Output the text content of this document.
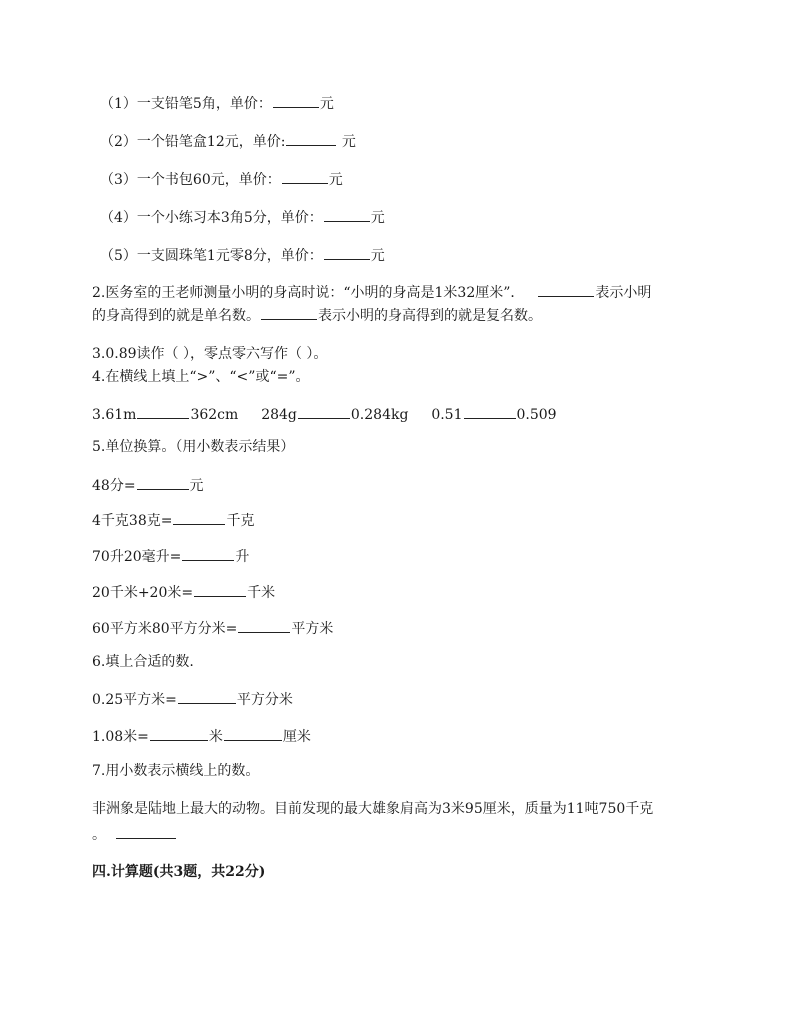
（1）一支铅笔5角，单价：	元
（2）一个铅笔盒12元，单价:	元
（3）一个书包60元，单价：	元
（4）一个小练习本3角5分，单价：	元
（5）一支圆珠笔1元零8分，单价：	元
2.医务室的王老师测量小明的身高时说：“小明的身高是1米32厘米”．	表示小明
的身高得到的就是单名数。	表示小明的身高得到的就是复名数。
3.0.89读作（ ），零点零六写作（ ）。
4.在横线上填上“>”、“<”或“=”。
3.61m	362cm 284g	0.284kg 0.51	0.509
5.单位换算。（用小数表示结果）
48分=	元
4千克38克=	千克
70升20毫升=	升
20千米+20米=	千米
60平方米80平方分米=	平方米
6.填上合适的数.
0.25平方米=	平方分米
1.08米=	米	厘米
7.用小数表示横线上的数。
非洲象是陆地上最大的动物。目前发现的最大雄象肩高为3米95厘米，质量为11吨750千克
。
四.计算题(共3题，共22分)
